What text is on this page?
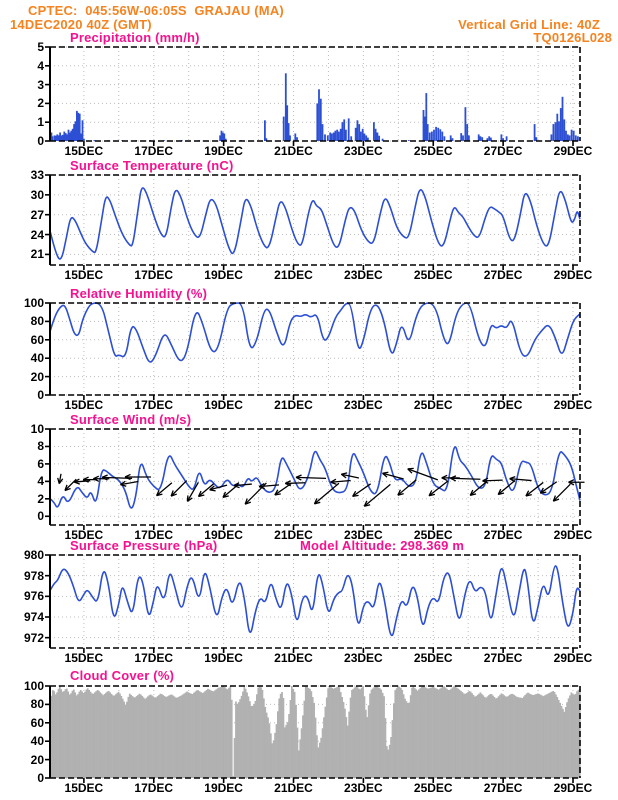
CPTEC:  045:56W-06:05S  GRAJAU (MA)
14DEC2020 40Z (GMT)	Vertical Grid Line: 40Z
TQ0126L028
Precipitation (mm/h)
Surface Temperature (nC)
Relative Humidity (%)
Surface Wind (m/s)
Surface Pressure (hPa)	Model Altitude: 298.369 m
Cloud Cover (%)
0
1
2
3
4
5
15DEC	17DEC	19DEC	21DEC	23DEC	25DEC	27DEC	29DEC
21
24
27
30
33
15DEC	17DEC	19DEC	21DEC	23DEC	25DEC	27DEC	29DEC
0
20
40
60
80
100
15DEC	17DEC	19DEC	21DEC	23DEC	25DEC	27DEC	29DEC
0
2
4
6
8
10
15DEC	17DEC	19DEC	21DEC	23DEC	25DEC	27DEC	29DEC
972
974
976
978
980
15DEC	17DEC	19DEC	21DEC	23DEC	25DEC	27DEC	29DEC
0
20
40
60
80
100
15DEC	17DEC	19DEC	21DEC	23DEC	25DEC	27DEC	29DEC
